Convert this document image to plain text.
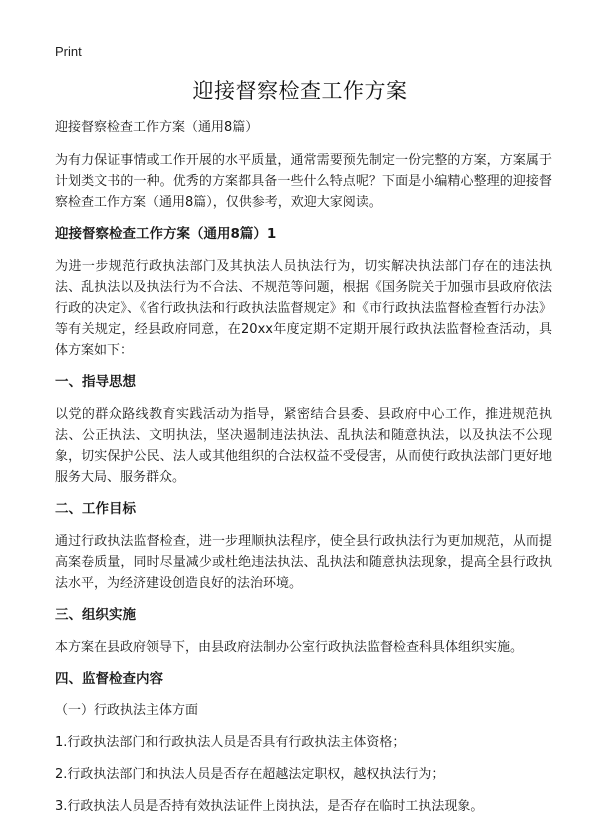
Print
迎接督察检查工作方案
迎接督察检查工作方案（通用8篇）

为有力保证事情或工作开展的水平质量，通常需要预先制定一份完整的方案，方案属于计划类文书的一种。优秀的方案都具备一些什么特点呢？下面是小编精心整理的迎接督察检查工作方案（通用8篇），仅供参考，欢迎大家阅读。

迎接督察检查工作方案（通用8篇）1

为进一步规范行政执法部门及其执法人员执法行为，切实解决执法部门存在的违法执法、乱执法以及执法行为不合法、不规范等问题，根据《国务院关于加强市县政府依法行政的决定》、《省行政执法和行政执法监督规定》和《市行政执法监督检查暂行办法》等有关规定，经县政府同意，在20xx年度定期不定期开展行政执法监督检查活动，具体方案如下：

一、指导思想

以党的群众路线教育实践活动为指导，紧密结合县委、县政府中心工作，推进规范执法、公正执法、文明执法，坚决遏制违法执法、乱执法和随意执法，以及执法不公现象，切实保护公民、法人或其他组织的合法权益不受侵害，从而使行政执法部门更好地服务大局、服务群众。

二、工作目标

通过行政执法监督检查，进一步理顺执法程序，使全县行政执法行为更加规范，从而提高案卷质量，同时尽量减少或杜绝违法执法、乱执法和随意执法现象，提高全县行政执法水平，为经济建设创造良好的法治环境。

三、组织实施

本方案在县政府领导下，由县政府法制办公室行政执法监督检查科具体组织实施。

四、监督检查内容
（一）行政执法主体方面

1.行政执法部门和行政执法人员是否具有行政执法主体资格；

2.行政执法部门和执法人员是否存在超越法定职权，越权执法行为；

3.行政执法人员是否持有效执法证件上岗执法，是否存在临时工执法现象。
